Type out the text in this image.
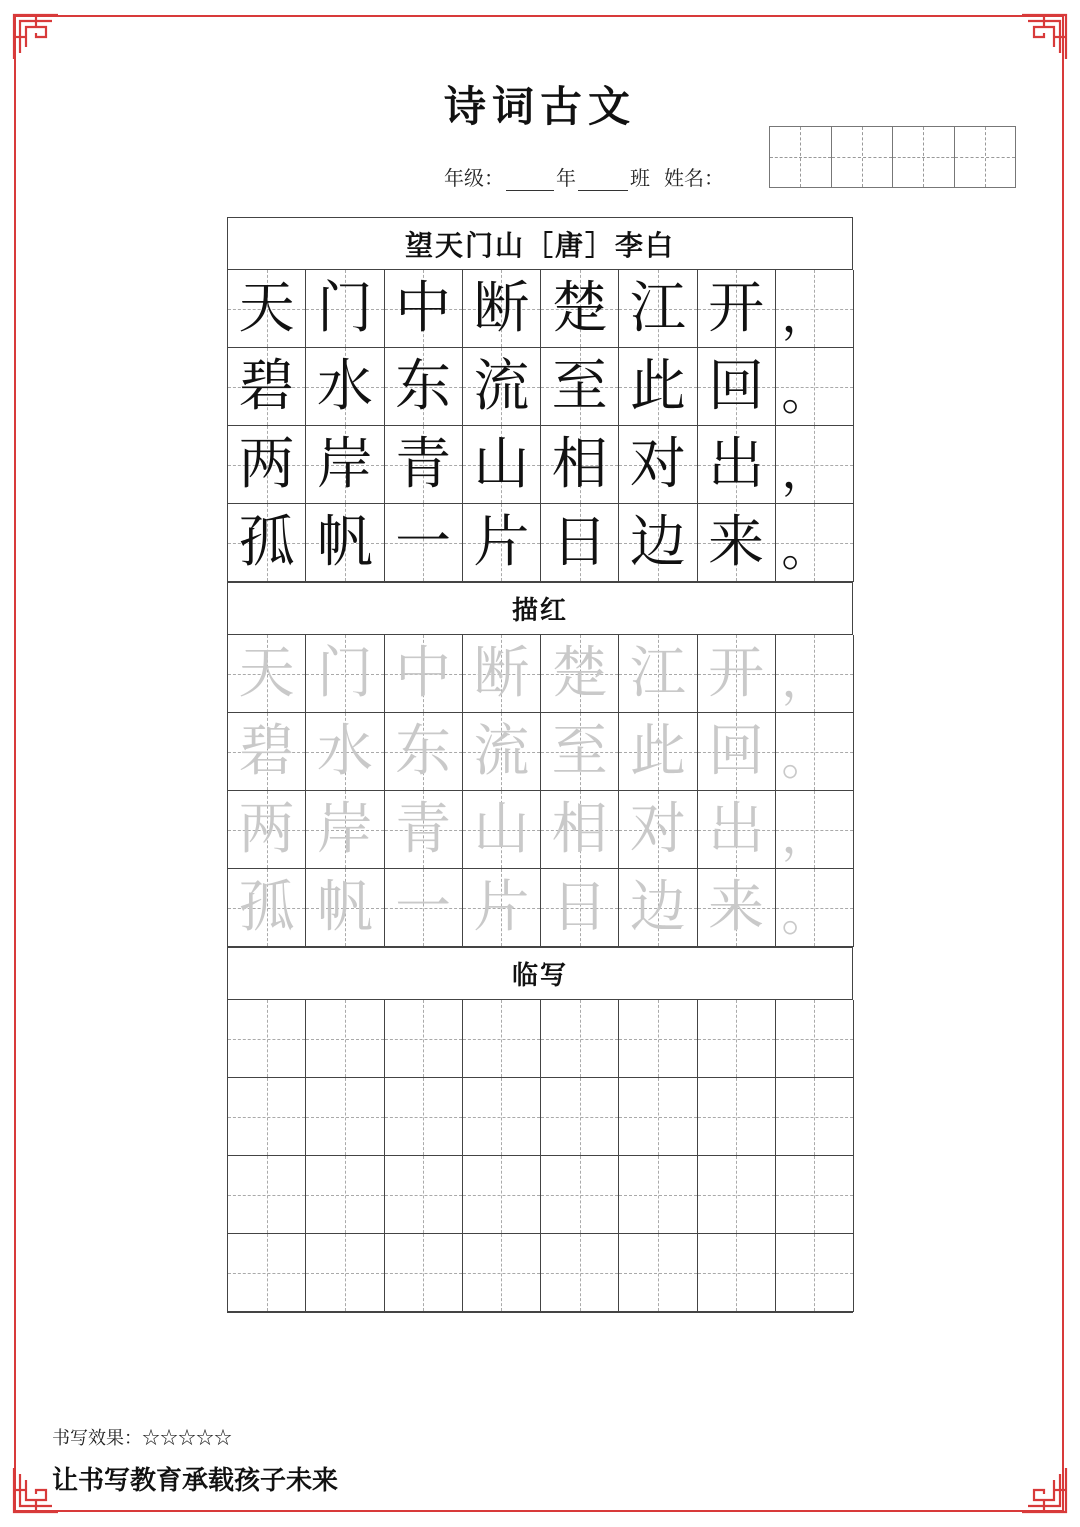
诗词古文
年级：	年	班 姓名：
望天门山［唐］李白
天 门 中 断 楚 江 开 ，
碧 水 东 流 至 此 回 。
两 岸 青 山 相 对 出 ，
孤 帆 一 片 日 边 来 。
描红
天 门 中 断 楚 江 开 ，
碧 水 东 流 至 此 回 。
两 岸 青 山 相 对 出 ，
孤 帆 一 片 日 边 来 。
临写
书写效果：☆☆☆☆☆
让书写教育承载孩子未来
